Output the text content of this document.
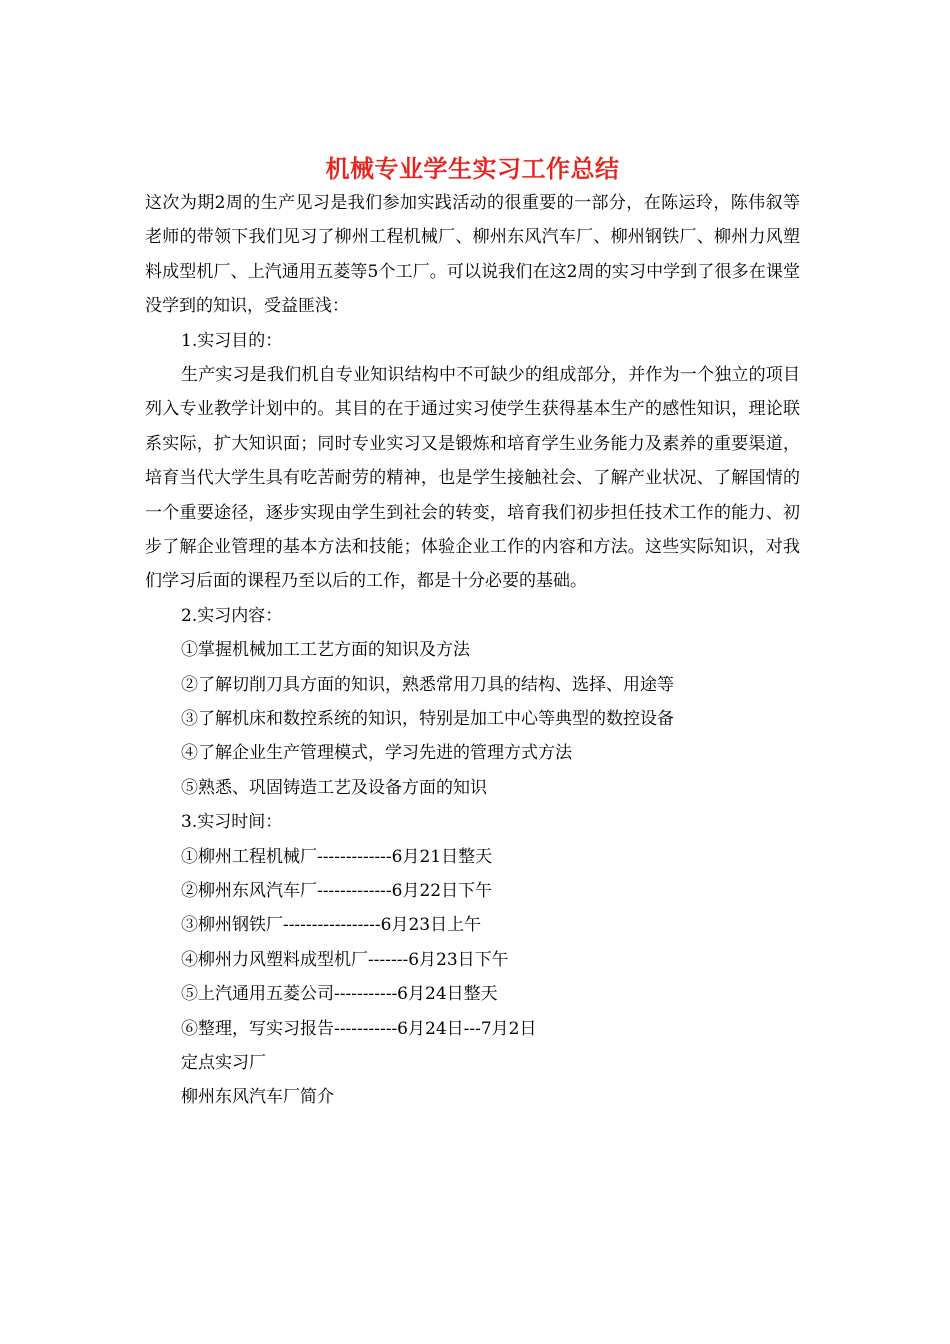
机械专业学生实习工作总结

这次为期2周的生产见习是我们参加实践活动的很重要的一部分，在陈运玲，陈伟叙等老师的带领下我们见习了柳州工程机械厂、柳州东风汽车厂、柳州钢铁厂、柳州力风塑料成型机厂、上汽通用五菱等5个工厂。可以说我们在这2周的实习中学到了很多在课堂没学到的知识，受益匪浅：

1.实习目的：

生产实习是我们机自专业知识结构中不可缺少的组成部分，并作为一个独立的项目列入专业教学计划中的。其目的在于通过实习使学生获得基本生产的感性知识，理论联系实际，扩大知识面；同时专业实习又是锻炼和培育学生业务能力及素养的重要渠道，培育当代大学生具有吃苦耐劳的精神，也是学生接触社会、了解产业状况、了解国情的一个重要途径，逐步实现由学生到社会的转变，培育我们初步担任技术工作的能力、初步了解企业管理的基本方法和技能；体验企业工作的内容和方法。这些实际知识，对我们学习后面的课程乃至以后的工作，都是十分必要的基础。

2.实习内容：

①掌握机械加工工艺方面的知识及方法

②了解切削刀具方面的知识，熟悉常用刀具的结构、选择、用途等

③了解机床和数控系统的知识，特别是加工中心等典型的数控设备

④了解企业生产管理模式，学习先进的管理方式方法

⑤熟悉、巩固铸造工艺及设备方面的知识

3.实习时间：

①柳州工程机械厂-------------6月21日整天

②柳州东风汽车厂-------------6月22日下午

③柳州钢铁厂-----------------6月23日上午

④柳州力风塑料成型机厂-------6月23日下午

⑤上汽通用五菱公司-----------6月24日整天

⑥整理，写实习报告-----------6月24日---7月2日

定点实习厂

柳州东风汽车厂简介
